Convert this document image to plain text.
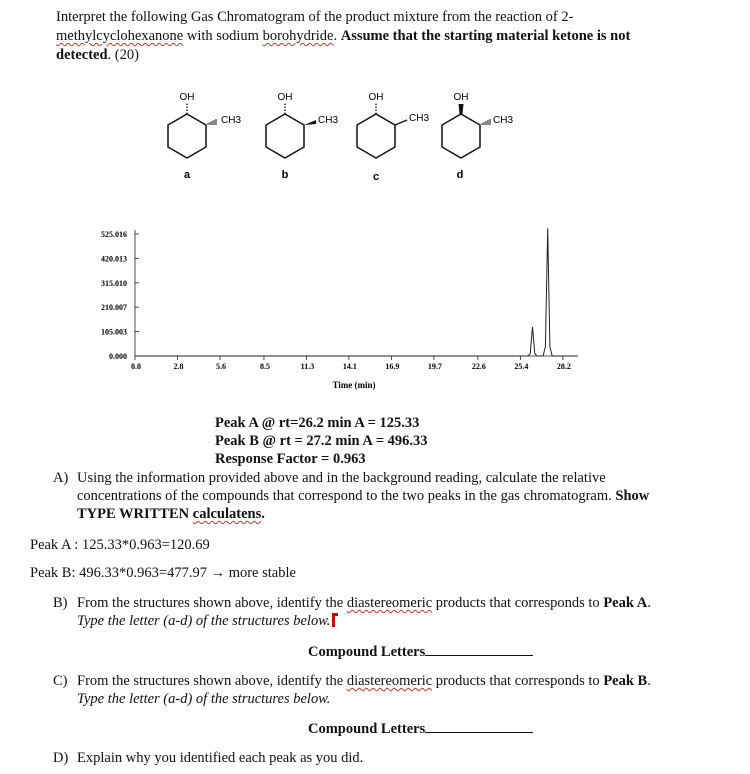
Interpret the following Gas Chromatogram of the product mixture from the reaction of 2-
methylcyclohexanone with sodium borohydride. Assume that the starting material ketone is not
detected. (20)
OH
CH3
a
OH
CH3
b
OH
CH3
c
OH
CH3
d
0.000
105.003
210.007
315.010
420.013
525.016
0.0	2.8	5.6	8.5	11.3	14.1	16.9	19.7	22.6	25.4	28.2
Time (min)
Peak A @ rt=26.2 min A = 125.33
Peak B @ rt = 27.2 min A = 496.33
Response Factor = 0.963
A) Using the information provided above and in the background reading, calculate the relative
concentrations of the compounds that correspond to the two peaks in the gas chromatogram. Show
TYPE WRITTEN calculatens.
Peak A : 125.33*0.963=120.69
Peak B: 496.33*0.963=477.97 → more stable
B) From the structures shown above, identify the diastereomeric products that corresponds to Peak A.
Type the letter (a-d) of the structures below.
Compound Letters
C) From the structures shown above, identify the diastereomeric products that corresponds to Peak B.
Type the letter (a-d) of the structures below.
Compound Letters
D) Explain why you identified each peak as you did.
